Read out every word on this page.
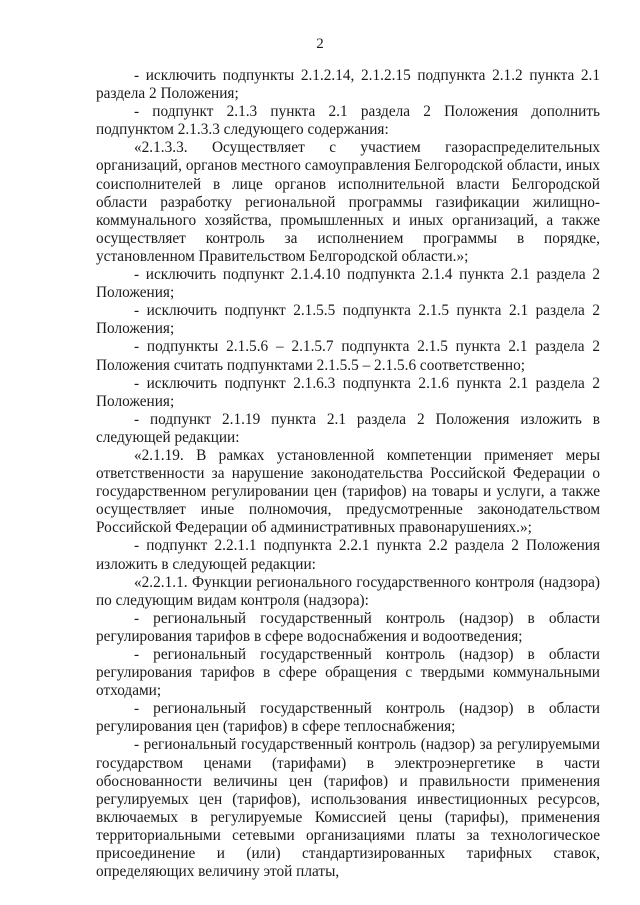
2

- исключить подпункты 2.1.2.14, 2.1.2.15 подпункта 2.1.2 пункта 2.1 раздела 2 Положения;

- подпункт 2.1.3 пункта 2.1 раздела 2 Положения дополнить подпунктом 2.1.3.3 следующего содержания:

«2.1.3.3. Осуществляет с участием газораспределительных организаций, органов местного самоуправления Белгородской области, иных соисполнителей в лице органов исполнительной власти Белгородской области разработку региональной программы газификации жилищно-коммунального хозяйства, промышленных и иных организаций, а также осуществляет контроль за исполнением программы в порядке, установленном Правительством Белгородской области.»;

- исключить подпункт 2.1.4.10 подпункта 2.1.4 пункта 2.1 раздела 2 Положения;

- исключить подпункт 2.1.5.5 подпункта 2.1.5 пункта 2.1 раздела 2 Положения;

- подпункты 2.1.5.6 – 2.1.5.7 подпункта 2.1.5 пункта 2.1 раздела 2 Положения считать подпунктами 2.1.5.5 – 2.1.5.6 соответственно;

- исключить подпункт 2.1.6.3 подпункта 2.1.6 пункта 2.1 раздела 2 Положения;

- подпункт 2.1.19 пункта 2.1 раздела 2 Положения изложить в следующей редакции:

«2.1.19. В рамках установленной компетенции применяет меры ответственности за нарушение законодательства Российской Федерации о государственном регулировании цен (тарифов) на товары и услуги, а также осуществляет иные полномочия, предусмотренные законодательством Российской Федерации об административных правонарушениях.»;

- подпункт 2.2.1.1 подпункта 2.2.1 пункта 2.2 раздела 2 Положения изложить в следующей редакции:

«2.2.1.1. Функции регионального государственного контроля (надзора) по следующим видам контроля (надзора):

- региональный государственный контроль (надзор) в области регулирования тарифов в сфере водоснабжения и водоотведения;

- региональный государственный контроль (надзор) в области регулирования тарифов в сфере обращения с твердыми коммунальными отходами;

- региональный государственный контроль (надзор) в области регулирования цен (тарифов) в сфере теплоснабжения;

- региональный государственный контроль (надзор) за регулируемыми государством ценами (тарифами) в электроэнергетике в части обоснованности величины цен (тарифов) и правильности применения регулируемых цен (тарифов), использования инвестиционных ресурсов, включаемых в регулируемые Комиссией цены (тарифы), применения территориальными сетевыми организациями платы за технологическое присоединение и (или) стандартизированных тарифных ставок, определяющих величину этой платы,
